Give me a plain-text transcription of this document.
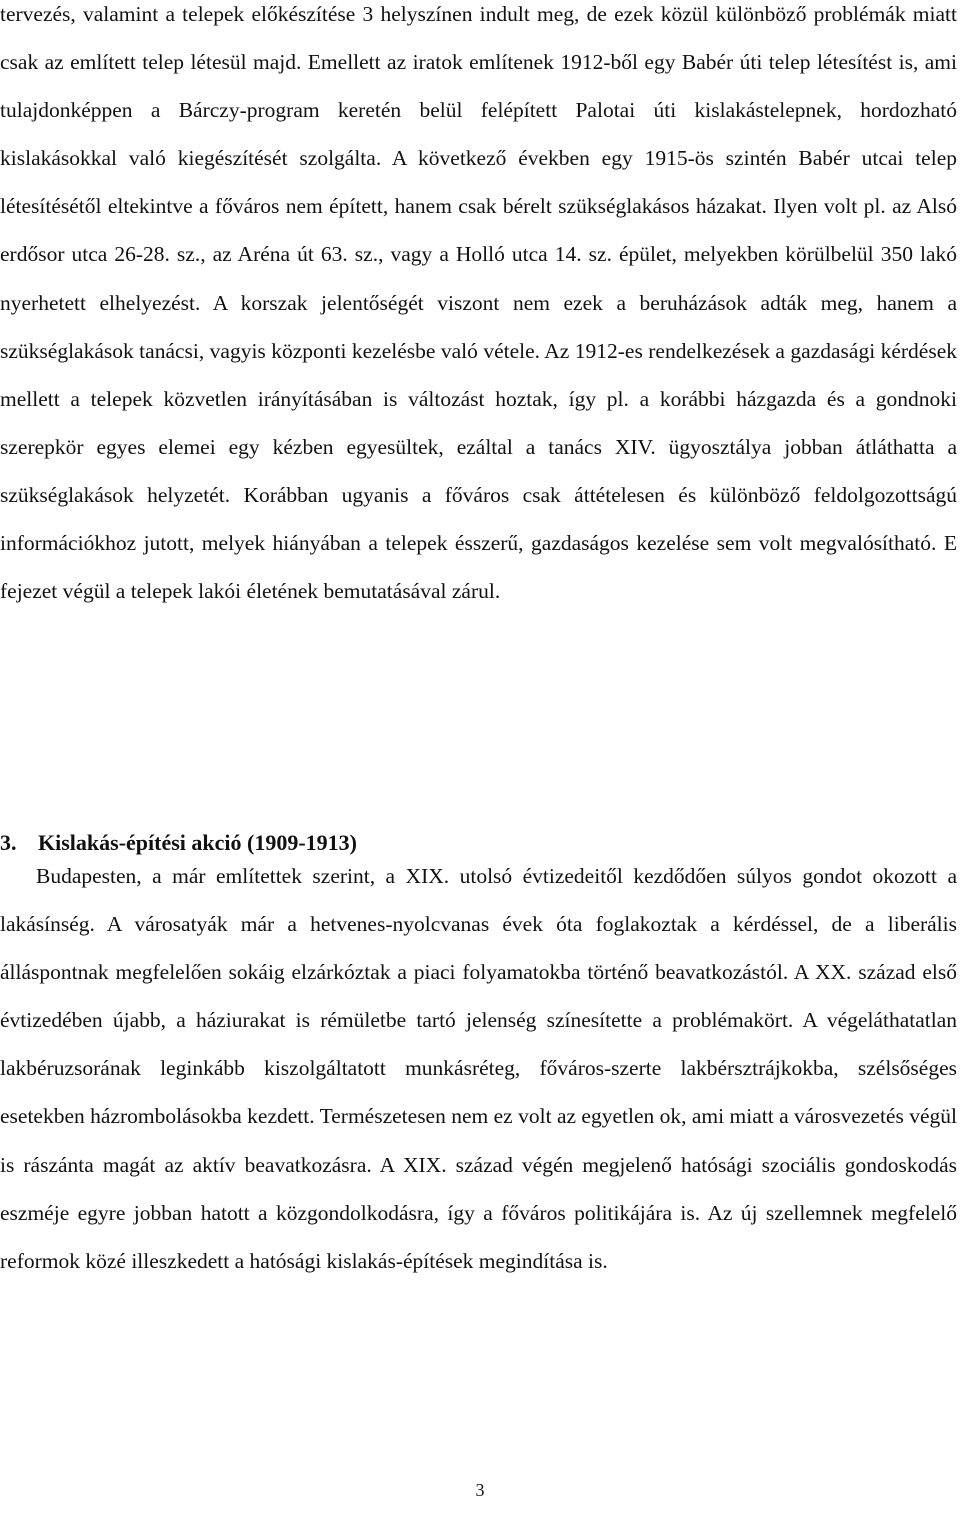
tervezés, valamint a telepek előkészítése 3 helyszínen indult meg, de ezek közül különböző problémák miatt csak az említett telep létesül majd. Emellett az iratok említenek 1912-ből egy Babér úti telep létesítést is, ami tulajdonképpen a Bárczy-program keretén belül felépített Palotai úti kislakástelepnek, hordozható kislakásokkal való kiegészítését szolgálta. A következő években egy 1915-ös szintén Babér utcai telep létesítésétől eltekintve a főváros nem épített, hanem csak bérelt szükséglakásos házakat. Ilyen volt pl. az Alsó erdősor utca 26-28. sz., az Aréna út 63. sz., vagy a Holló utca 14. sz. épület, melyekben körülbelül 350 lakó nyerhetett elhelyezést. A korszak jelentőségét viszont nem ezek a beruházások adták meg, hanem a szükséglakások tanácsi, vagyis központi kezelésbe való vétele. Az 1912-es rendelkezések a gazdasági kérdések mellett a telepek közvetlen irányításában is változást hoztak, így pl. a korábbi házgazda és a gondnoki szerepkör egyes elemei egy kézben egyesültek, ezáltal a tanács XIV. ügyosztálya jobban átláthatta a szükséglakások helyzetét. Korábban ugyanis a főváros csak áttételesen és különböző feldolgozottságú információkhoz jutott, melyek hiányában a telepek ésszerű, gazdaságos kezelése sem volt megvalósítható. E fejezet végül a telepek lakói életének bemutatásával zárul.

3. Kislakás-építési akció (1909-1913)

Budapesten, a már említettek szerint, a XIX. utolsó évtizedeitől kezdődően súlyos gondot okozott a lakásínség. A városatyák már a hetvenes-nyolcvanas évek óta foglakoztak a kérdéssel, de a liberális álláspontnak megfelelően sokáig elzárkóztak a piaci folyamatokba történő beavatkozástól. A XX. század első évtizedében újabb, a háziurakat is rémületbe tartó jelenség színesítette a problémakört. A végeláthatatlan lakbéruzsorának leginkább kiszolgáltatott munkásréteg, főváros-szerte lakbérsztrájkokba, szélsőséges esetekben házrombolásokba kezdett. Természetesen nem ez volt az egyetlen ok, ami miatt a városvezetés végül is rászánta magát az aktív beavatkozásra. A XIX. század végén megjelenő hatósági szociális gondoskodás eszméje egyre jobban hatott a közgondolkodásra, így a főváros politikájára is. Az új szellemnek megfelelő reformok közé illeszkedett a hatósági kislakás-építések megindítása is.

3
